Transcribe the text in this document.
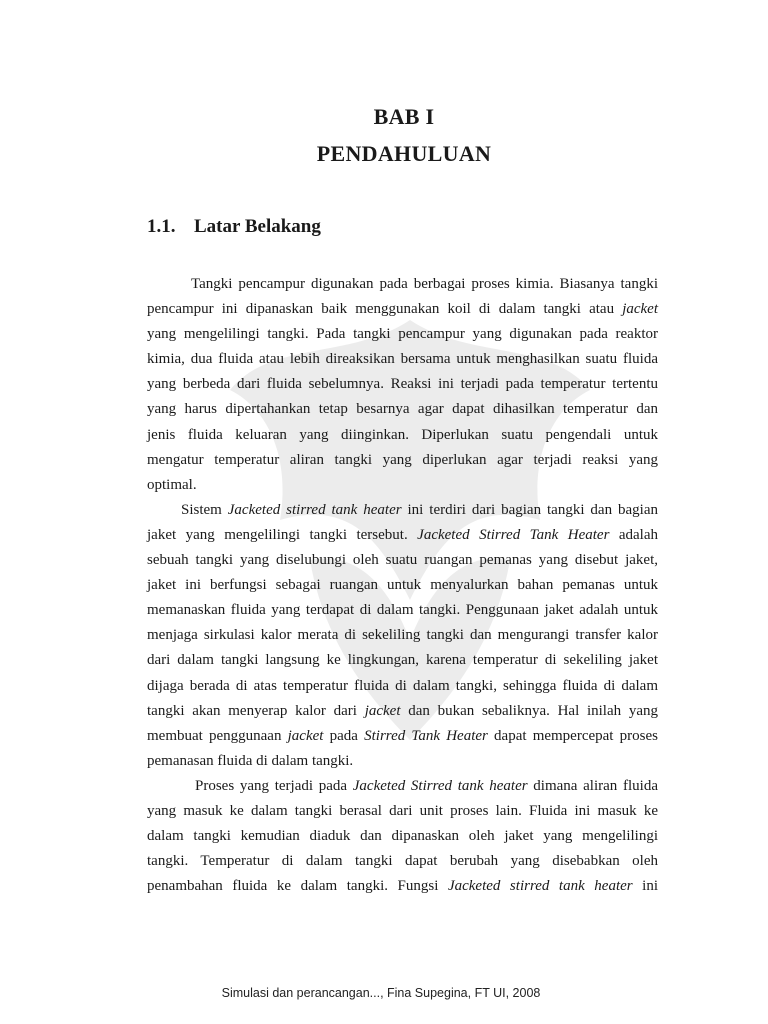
BAB I
PENDAHULUAN
1.1. Latar Belakang

Tangki pencampur digunakan pada berbagai proses kimia. Biasanya tangki
pencampur ini dipanaskan baik menggunakan koil di dalam tangki atau jacket
yang mengelilingi tangki. Pada tangki pencampur yang digunakan pada reaktor
kimia, dua fluida atau lebih direaksikan bersama untuk menghasilkan suatu fluida
yang berbeda dari fluida sebelumnya. Reaksi ini terjadi pada temperatur tertentu
yang harus dipertahankan tetap besarnya agar dapat dihasilkan temperatur dan
jenis fluida keluaran yang diinginkan. Diperlukan suatu pengendali untuk
mengatur temperatur aliran tangki yang diperlukan agar terjadi reaksi yang
optimal.

Sistem Jacketed stirred tank heater ini terdiri dari bagian tangki dan bagian
jaket yang mengelilingi tangki tersebut. Jacketed Stirred Tank Heater adalah
sebuah tangki yang diselubungi oleh suatu ruangan pemanas yang disebut jaket,
jaket ini berfungsi sebagai ruangan untuk menyalurkan bahan pemanas untuk
memanaskan fluida yang terdapat di dalam tangki. Penggunaan jaket adalah untuk
menjaga sirkulasi kalor merata di sekeliling tangki dan mengurangi transfer kalor
dari dalam tangki langsung ke lingkungan, karena temperatur di sekeliling jaket
dijaga berada di atas temperatur fluida di dalam tangki, sehingga fluida di dalam
tangki akan menyerap kalor dari jacket dan bukan sebaliknya. Hal inilah yang
membuat penggunaan jacket pada Stirred Tank Heater dapat mempercepat proses
pemanasan fluida di dalam tangki.

Proses yang terjadi pada Jacketed Stirred tank heater dimana aliran fluida
yang masuk ke dalam tangki berasal dari unit proses lain. Fluida ini masuk ke
dalam tangki kemudian diaduk dan dipanaskan oleh jaket yang mengelilingi
tangki. Temperatur di dalam tangki dapat berubah yang disebabkan oleh
penambahan fluida ke dalam tangki. Fungsi Jacketed stirred tank heater ini

Simulasi dan perancangan..., Fina Supegina, FT UI, 2008
